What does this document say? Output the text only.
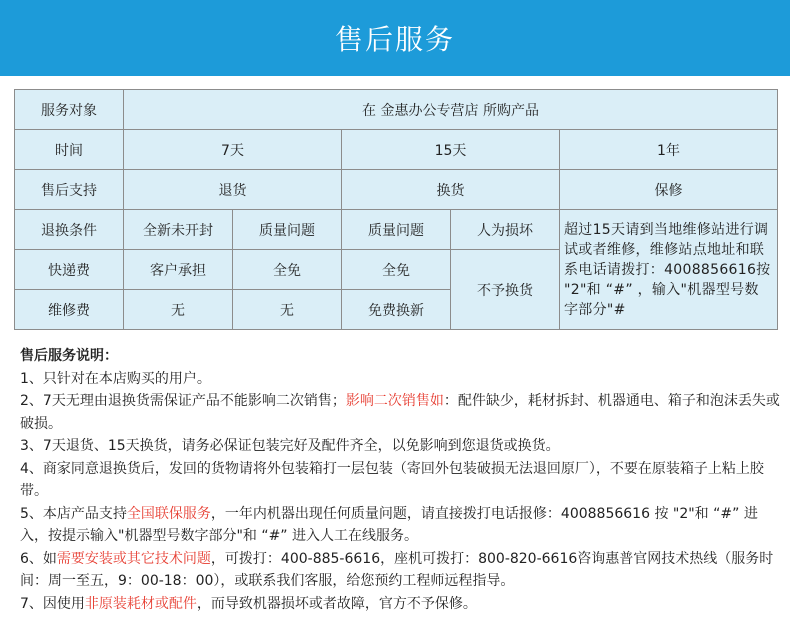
售后服务
服务对象	在 金惠办公专营店 所购产品				
时间	7天		15天		1年
售后支持	退货		换货		保修
退换条件	全新未开封	质量问题	质量问题	人为损坏	超过15天请到当地维修站进行调试或者维修，维修站点地址和联系电话请拨打：4008856616按 "2"和 “#” ，输入"机器型号数字部分"#
快递费	客户承担	全免	全免	不予换货	
维修费	无	无	免费换新		
售后服务说明：
1、只针对在本店购买的用户。
2、7天无理由退换货需保证产品不能影响二次销售；影响二次销售如：配件缺少，耗材拆封、机器通电、箱子和泡沫丢失或破损。
3、7天退货、15天换货，请务必保证包装完好及配件齐全，以免影响到您退货或换货。
4、商家同意退换货后，发回的货物请将外包装箱打一层包装（寄回外包装破损无法退回原厂），不要在原装箱子上粘上胶带。
5、本店产品支持全国联保服务，一年内机器出现任何质量问题，请直接拨打电话报修：4008856616 按 "2"和 “#” 进入，按提示输入"机器型号数字部分"和 “#” 进入人工在线服务。
6、如需要安装或其它技术问题，可拨打：400-885-6616，座机可拨打：800-820-6616咨询惠普官网技术热线（服务时间：周一至五，9：00-18：00），或联系我们客服，给您预约工程师远程指导。
7、因使用非原装耗材或配件，而导致机器损坏或者故障，官方不予保修。
